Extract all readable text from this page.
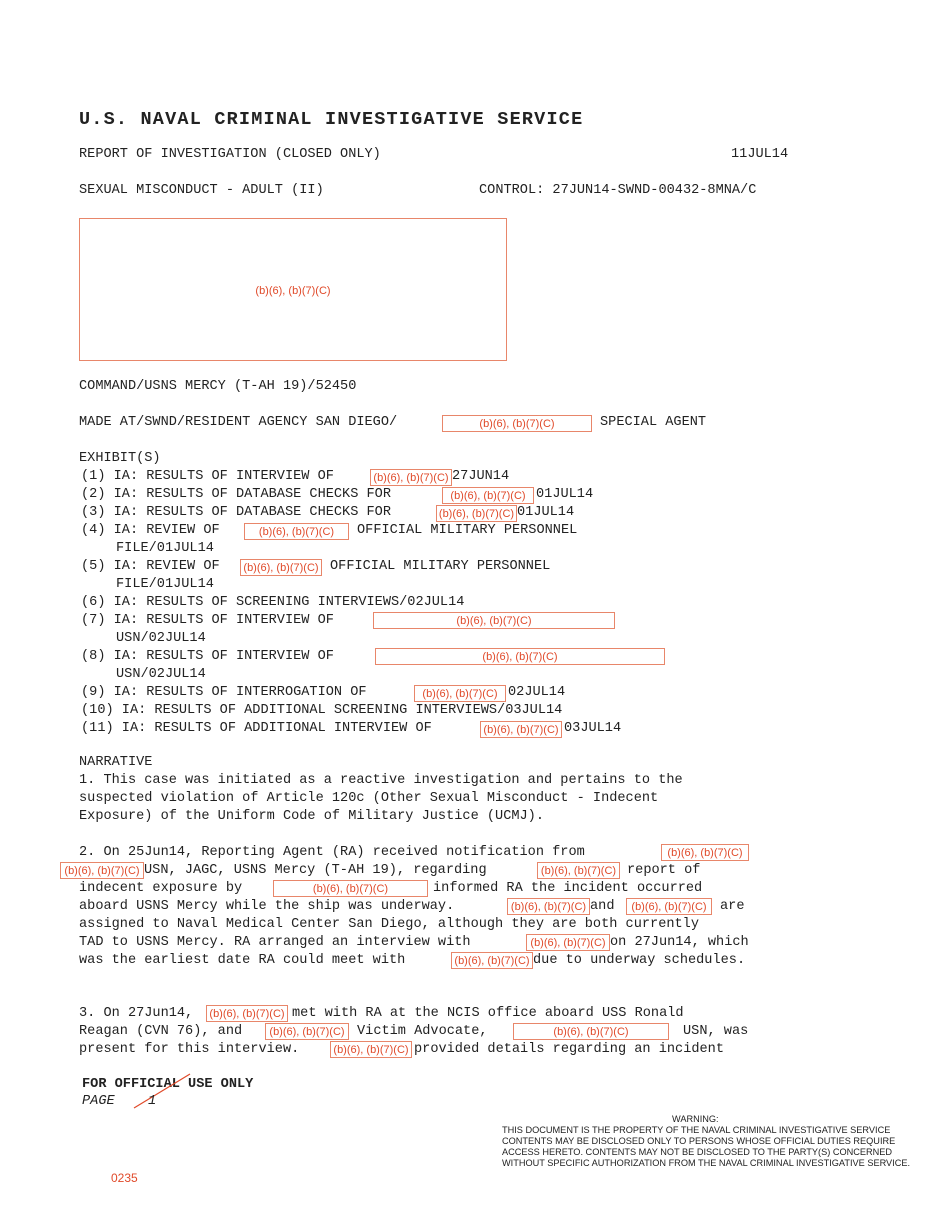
U.S. NAVAL CRIMINAL INVESTIGATIVE SERVICE
REPORT OF INVESTIGATION (CLOSED ONLY)	11JUL14
SEXUAL MISCONDUCT - ADULT (II)	CONTROL: 27JUN14-SWND-00432-8MNA/C
(b)(6), (b)(7)(C)
COMMAND/USNS MERCY (T-AH 19)/52450
MADE AT/SWND/RESIDENT AGENCY SAN DIEGO/	(b)(6), (b)(7)(C)	SPECIAL AGENT
EXHIBIT(S)
(1) IA: RESULTS OF INTERVIEW OF	(b)(6), (b)(7)(C) 27JUN14
(2) IA: RESULTS OF DATABASE CHECKS FOR	(b)(6), (b)(7)(C) 01JUL14
(3) IA: RESULTS OF DATABASE CHECKS FOR	(b)(6), (b)(7)(C) 01JUL14
(4) IA: REVIEW OF	(b)(6), (b)(7)(C)	OFFICIAL MILITARY PERSONNEL
FILE/01JUL14
(5) IA: REVIEW OF	(b)(6), (b)(7)(C) OFFICIAL MILITARY PERSONNEL
FILE/01JUL14
(6) IA: RESULTS OF SCREENING INTERVIEWS/02JUL14
(7) IA: RESULTS OF INTERVIEW OF	(b)(6), (b)(7)(C)
USN/02JUL14
(8) IA: RESULTS OF INTERVIEW OF	(b)(6), (b)(7)(C)
USN/02JUL14
(9) IA: RESULTS OF INTERROGATION OF	(b)(6), (b)(7)(C) 02JUL14
(10) IA: RESULTS OF ADDITIONAL SCREENING INTERVIEWS/03JUL14
(11) IA: RESULTS OF ADDITIONAL INTERVIEW OF	(b)(6), (b)(7)(C) 03JUL14
NARRATIVE
1. This case was initiated as a reactive investigation and pertains to the
suspected violation of Article 120c (Other Sexual Misconduct - Indecent
Exposure) of the Uniform Code of Military Justice (UCMJ).
2. On 25Jun14, Reporting Agent (RA) received notification from	(b)(6), (b)(7)(C)
(b)(6), (b)(7)(C) USN, JAGC, USNS Mercy (T-AH 19), regarding	(b)(6), (b)(7)(C) report of
indecent exposure by	(b)(6), (b)(7)(C)	informed RA the incident occurred
aboard USNS Mercy while the ship was underway.	(b)(6), (b)(7)(C) and	(b)(6), (b)(7)(C) are
assigned to Naval Medical Center San Diego, although they are both currently
TAD to USNS Mercy. RA arranged an interview with	(b)(6), (b)(7)(C) on 27Jun14, which
was the earliest date RA could meet with	(b)(6), (b)(7)(C) due to underway schedules.
3. On 27Jun14,	(b)(6), (b)(7)(C) met with RA at the NCIS office aboard USS Ronald
Reagan (CVN 76), and	(b)(6), (b)(7)(C) Victim Advocate,	(b)(6), (b)(7)(C)	USN, was
present for this interview.	(b)(6), (b)(7)(C) provided details regarding an incident
FOR OFFICIAL USE ONLY
PAGE 1
WARNING:
THIS DOCUMENT IS THE PROPERTY OF THE NAVAL CRIMINAL INVESTIGATIVE SERVICE
CONTENTS MAY BE DISCLOSED ONLY TO PERSONS WHOSE OFFICIAL DUTIES REQUIRE
ACCESS HERETO. CONTENTS MAY NOT BE DISCLOSED TO THE PARTY(S) CONCERNED
WITHOUT SPECIFIC AUTHORIZATION FROM THE NAVAL CRIMINAL INVESTIGATIVE SERVICE.
0235
